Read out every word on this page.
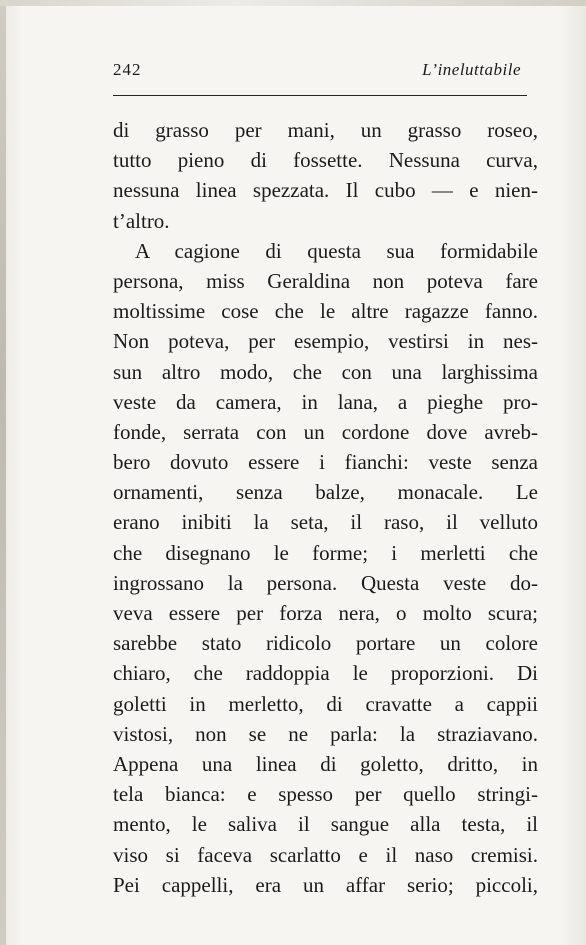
242	L’ineluttabile
di grasso per mani, un grasso roseo,
tutto pieno di fossette. Nessuna curva,
nessuna linea spezzata. Il cubo — e nien-
t’altro.
A cagione di questa sua formidabile
persona, miss Geraldina non poteva fare
moltissime cose che le altre ragazze fanno.
Non poteva, per esempio, vestirsi in nes-
sun altro modo, che con una larghissima
veste da camera, in lana, a pieghe pro-
fonde, serrata con un cordone dove avreb-
bero dovuto essere i fianchi: veste senza
ornamenti, senza balze, monacale. Le
erano inibiti la seta, il raso, il velluto
che disegnano le forme; i merletti che
ingrossano la persona. Questa veste do-
veva essere per forza nera, o molto scura;
sarebbe stato ridicolo portare un colore
chiaro, che raddoppia le proporzioni. Di
goletti in merletto, di cravatte a cappii
vistosi, non se ne parla: la straziavano.
Appena una linea di goletto, dritto, in
tela bianca: e spesso per quello stringi-
mento, le saliva il sangue alla testa, il
viso si faceva scarlatto e il naso cremisi.
Pei cappelli, era un affar serio; piccoli,
